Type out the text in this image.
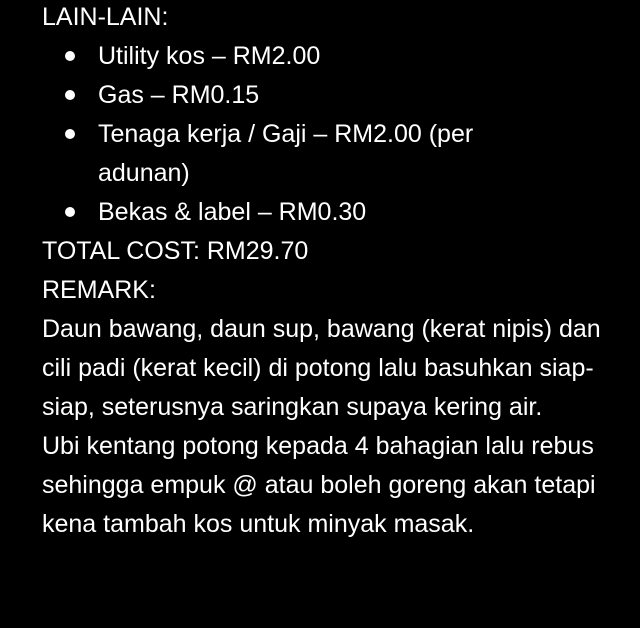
LAIN-LAIN:
Utility kos – RM2.00
Gas – RM0.15
Tenaga kerja / Gaji – RM2.00 (per adunan)
Bekas & label – RM0.30
TOTAL COST: RM29.70
REMARK:

Daun bawang, daun sup, bawang (kerat nipis) dan cili padi (kerat kecil) di potong lalu basuhkan siap-siap, seterusnya saringkan supaya kering air.

Ubi kentang potong kepada 4 bahagian lalu rebus sehingga empuk @ atau boleh goreng akan tetapi kena tambah kos untuk minyak masak.
